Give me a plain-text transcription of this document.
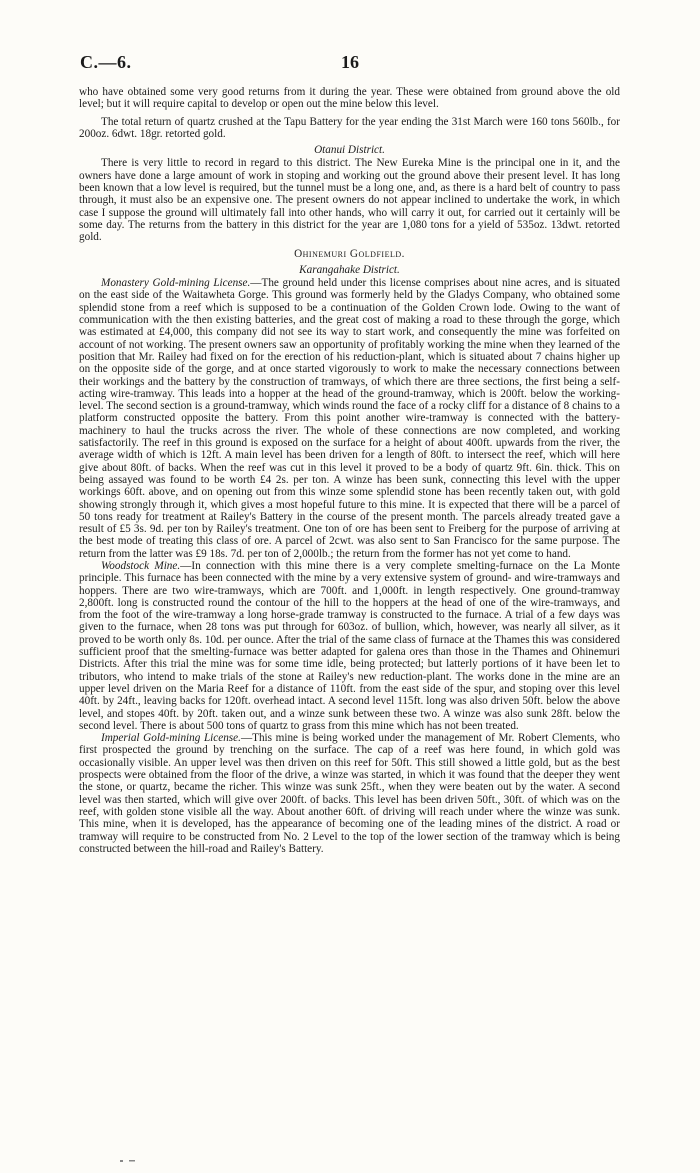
C.—6.	16

who have obtained some very good returns from it during the year. These were obtained from ground above the old level; but it will require capital to develop or open out the mine below this level.

The total return of quartz crushed at the Tapu Battery for the year ending the 31st March were 160 tons 560lb., for 200oz. 6dwt. 18gr. retorted gold.

Otanui District.

There is very little to record in regard to this district. The New Eureka Mine is the principal one in it, and the owners have done a large amount of work in stoping and working out the ground above their present level. It has long been known that a low level is required, but the tunnel must be a long one, and, as there is a hard belt of country to pass through, it must also be an expensive one. The present owners do not appear inclined to undertake the work, in which case I suppose the ground will ultimately fall into other hands, who will carry it out, for carried out it certainly will be some day. The returns from the battery in this district for the year are 1,080 tons for a yield of 535oz. 13dwt. retorted gold.

Ohinemuri Goldfield.
Karangahake District.

Monastery Gold-mining License.—The ground held under this license comprises about nine acres, and is situated on the east side of the Waitawheta Gorge. This ground was formerly held by the Gladys Company, who obtained some splendid stone from a reef which is supposed to be a continuation of the Golden Crown lode. Owing to the want of communication with the then existing batteries, and the great cost of making a road to these through the gorge, which was estimated at £4,000, this company did not see its way to start work, and consequently the mine was forfeited on account of not working. The present owners saw an opportunity of profitably working the mine when they learned of the position that Mr. Railey had fixed on for the erection of his reduction-plant, which is situated about 7 chains higher up on the opposite side of the gorge, and at once started vigorously to work to make the necessary connections between their workings and the battery by the construction of tramways, of which there are three sections, the first being a self-acting wire-tramway. This leads into a hopper at the head of the ground-tramway, which is 200ft. below the working-level. The second section is a ground-tramway, which winds round the face of a rocky cliff for a distance of 8 chains to a platform constructed opposite the battery. From this point another wire-tramway is connected with the battery-machinery to haul the trucks across the river. The whole of these connections are now completed, and working satisfactorily. The reef in this ground is exposed on the surface for a height of about 400ft. upwards from the river, the average width of which is 12ft. A main level has been driven for a length of 80ft. to intersect the reef, which will here give about 80ft. of backs. When the reef was cut in this level it proved to be a body of quartz 9ft. 6in. thick. This on being assayed was found to be worth £4 2s. per ton. A winze has been sunk, connecting this level with the upper workings 60ft. above, and on opening out from this winze some splendid stone has been recently taken out, with gold showing strongly through it, which gives a most hopeful future to this mine. It is expected that there will be a parcel of 50 tons ready for treatment at Railey's Battery in the course of the present month. The parcels already treated gave a result of £5 3s. 9d. per ton by Railey's treatment. One ton of ore has been sent to Freiberg for the purpose of arriving at the best mode of treating this class of ore. A parcel of 2cwt. was also sent to San Francisco for the same purpose. The return from the latter was £9 18s. 7d. per ton of 2,000lb.; the return from the former has not yet come to hand.

Woodstock Mine.—In connection with this mine there is a very complete smelting-furnace on the La Monte principle. This furnace has been connected with the mine by a very extensive system of ground- and wire-tramways and hoppers. There are two wire-tramways, which are 700ft. and 1,000ft. in length respectively. One ground-tramway 2,800ft. long is constructed round the contour of the hill to the hoppers at the head of one of the wire-tramways, and from the foot of the wire-tramway a long horse-grade tramway is constructed to the furnace. A trial of a few days was given to the furnace, when 28 tons was put through for 603oz. of bullion, which, however, was nearly all silver, as it proved to be worth only 8s. 10d. per ounce. After the trial of the same class of furnace at the Thames this was considered sufficient proof that the smelting-furnace was better adapted for galena ores than those in the Thames and Ohinemuri Districts. After this trial the mine was for some time idle, being protected; but latterly portions of it have been let to tributors, who intend to make trials of the stone at Railey's new reduction-plant. The works done in the mine are an upper level driven on the Maria Reef for a distance of 110ft. from the east side of the spur, and stoping over this level 40ft. by 24ft., leaving backs for 120ft. overhead intact. A second level 115ft. long was also driven 50ft. below the above level, and stopes 40ft. by 20ft. taken out, and a winze sunk between these two. A winze was also sunk 28ft. below the second level. There is about 500 tons of quartz to grass from this mine which has not been treated.

Imperial Gold-mining License.—This mine is being worked under the management of Mr. Robert Clements, who first prospected the ground by trenching on the surface. The cap of a reef was here found, in which gold was occasionally visible. An upper level was then driven on this reef for 50ft. This still showed a little gold, but as the best prospects were obtained from the floor of the drive, a winze was started, in which it was found that the deeper they went the stone, or quartz, became the richer. This winze was sunk 25ft., when they were beaten out by the water. A second level was then started, which will give over 200ft. of backs. This level has been driven 50ft., 30ft. of which was on the reef, with golden stone visible all the way. About another 60ft. of driving will reach under where the winze was sunk. This mine, when it is developed, has the appearance of becoming one of the leading mines of the district. A road or tramway will require to be constructed from No. 2 Level to the top of the lower section of the tramway which is being constructed between the hill-road and Railey's Battery.
